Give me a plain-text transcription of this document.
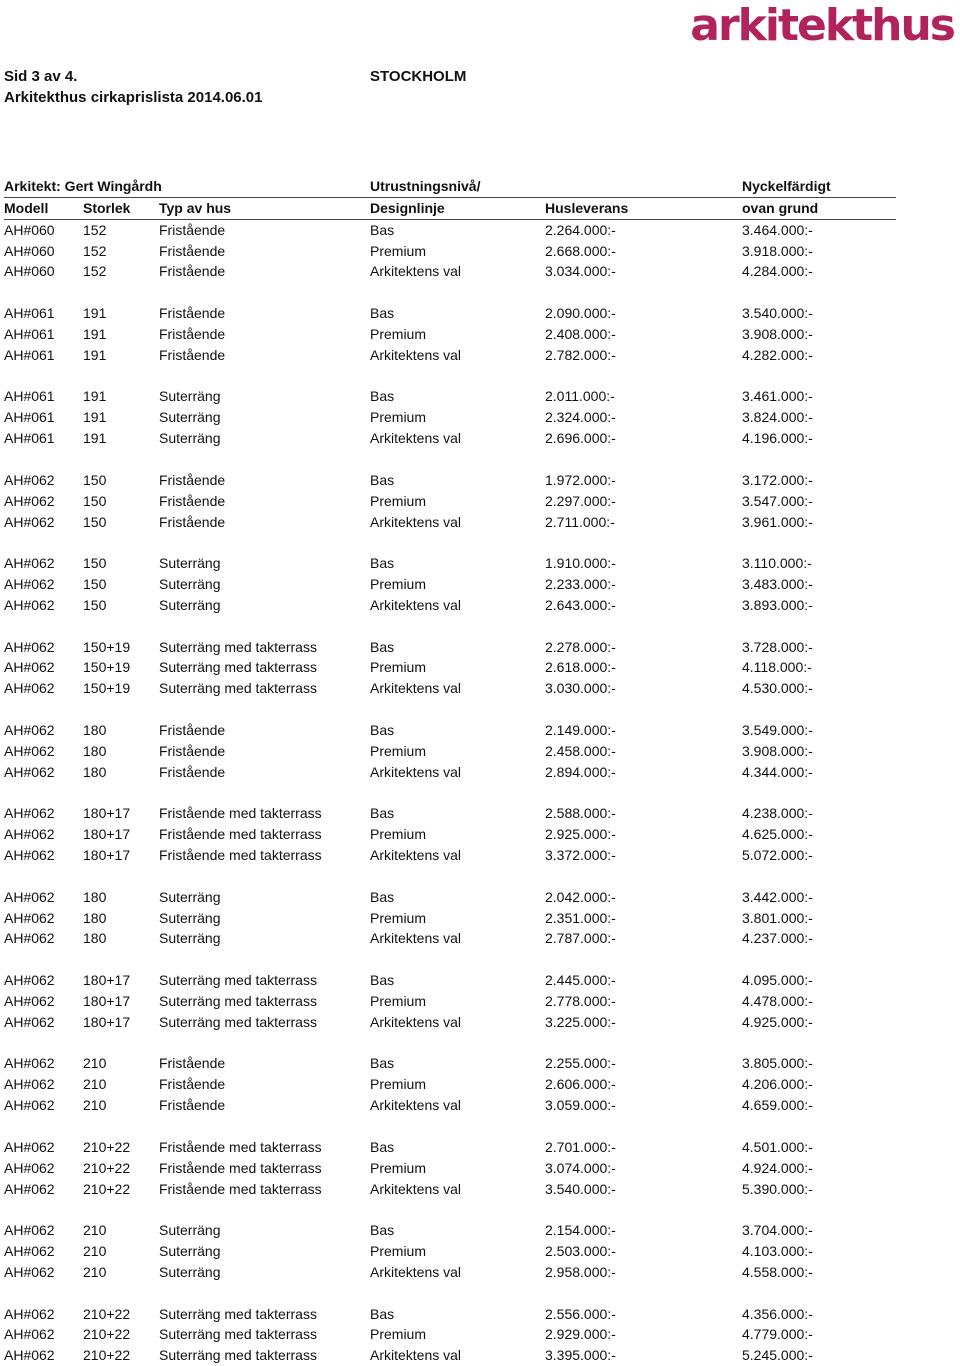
arkitekthus
Sid 3 av 4.
Arkitekthus cirkaprislista 2014.06.01
STOCKHOLM
Arkitekt: Gert Wingårdh	Utrustningsnivå/	Nyckelfärdigt
Modell Storlek Typ av hus	Designlinje	Husleverans	ovan grund
AH#060 152	Fristående	Bas	2.264.000:-	3.464.000:-
AH#060 152	Fristående	Premium	2.668.000:-	3.918.000:-
AH#060 152	Fristående	Arkitektens val	3.034.000:-	4.284.000:-
AH#061 191	Fristående	Bas	2.090.000:-	3.540.000:-
AH#061 191	Fristående	Premium	2.408.000:-	3.908.000:-
AH#061 191	Fristående	Arkitektens val	2.782.000:-	4.282.000:-
AH#061 191	Suterräng	Bas	2.011.000:-	3.461.000:-
AH#061 191	Suterräng	Premium	2.324.000:-	3.824.000:-
AH#061 191	Suterräng	Arkitektens val	2.696.000:-	4.196.000:-
AH#062 150	Fristående	Bas	1.972.000:-	3.172.000:-
AH#062 150	Fristående	Premium	2.297.000:-	3.547.000:-
AH#062 150	Fristående	Arkitektens val	2.711.000:-	3.961.000:-
AH#062 150	Suterräng	Bas	1.910.000:-	3.110.000:-
AH#062 150	Suterräng	Premium	2.233.000:-	3.483.000:-
AH#062 150	Suterräng	Arkitektens val	2.643.000:-	3.893.000:-
AH#062 150+19 Suterräng med takterrass	Bas	2.278.000:-	3.728.000:-
AH#062 150+19 Suterräng med takterrass	Premium	2.618.000:-	4.118.000:-
AH#062 150+19 Suterräng med takterrass	Arkitektens val	3.030.000:-	4.530.000:-
AH#062 180	Fristående	Bas	2.149.000:-	3.549.000:-
AH#062 180	Fristående	Premium	2.458.000:-	3.908.000:-
AH#062 180	Fristående	Arkitektens val	2.894.000:-	4.344.000:-
AH#062 180+17 Fristående med takterrass	Bas	2.588.000:-	4.238.000:-
AH#062 180+17 Fristående med takterrass	Premium	2.925.000:-	4.625.000:-
AH#062 180+17 Fristående med takterrass	Arkitektens val	3.372.000:-	5.072.000:-
AH#062 180	Suterräng	Bas	2.042.000:-	3.442.000:-
AH#062 180	Suterräng	Premium	2.351.000:-	3.801.000:-
AH#062 180	Suterräng	Arkitektens val	2.787.000:-	4.237.000:-
AH#062 180+17 Suterräng med takterrass	Bas	2.445.000:-	4.095.000:-
AH#062 180+17 Suterräng med takterrass	Premium	2.778.000:-	4.478.000:-
AH#062 180+17 Suterräng med takterrass	Arkitektens val	3.225.000:-	4.925.000:-
AH#062 210	Fristående	Bas	2.255.000:-	3.805.000:-
AH#062 210	Fristående	Premium	2.606.000:-	4.206.000:-
AH#062 210	Fristående	Arkitektens val	3.059.000:-	4.659.000:-
AH#062 210+22 Fristående med takterrass	Bas	2.701.000:-	4.501.000:-
AH#062 210+22 Fristående med takterrass	Premium	3.074.000:-	4.924.000:-
AH#062 210+22 Fristående med takterrass	Arkitektens val	3.540.000:-	5.390.000:-
AH#062 210	Suterräng	Bas	2.154.000:-	3.704.000:-
AH#062 210	Suterräng	Premium	2.503.000:-	4.103.000:-
AH#062 210	Suterräng	Arkitektens val	2.958.000:-	4.558.000:-
AH#062 210+22 Suterräng med takterrass	Bas	2.556.000:-	4.356.000:-
AH#062 210+22 Suterräng med takterrass	Premium	2.929.000:-	4.779.000:-
AH#062 210+22 Suterräng med takterrass	Arkitektens val	3.395.000:-	5.245.000:-
